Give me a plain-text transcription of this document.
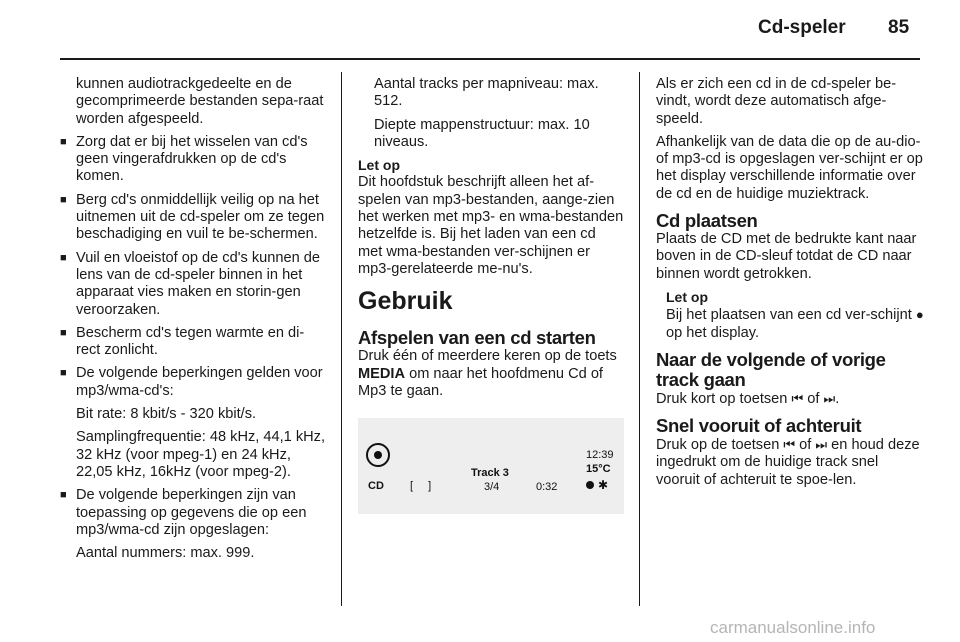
Cd-speler 85

kunnen audiotrackgedeelte en de gecomprimeerde bestanden sepa-raat worden afgespeeld.

■ Zorg dat er bij het wisselen van cd's geen vingerafdrukken op de cd's komen.

■ Berg cd's onmiddellijk veilig op na het uitnemen uit de cd-speler om ze tegen beschadiging en vuil te be-schermen.

■ Vuil en vloeistof op de cd's kunnen de lens van de cd-speler binnen in het apparaat vies maken en storin-gen veroorzaken.

■ Bescherm cd's tegen warmte en di-rect zonlicht.

■ De volgende beperkingen gelden voor mp3/wma-cd's:

Bit rate: 8 kbit/s - 320 kbit/s.

Samplingfrequentie: 48 kHz, 44,1 kHz, 32 kHz (voor mpeg-1) en 24 kHz, 22,05 kHz, 16kHz (voor mpeg-2).

■ De volgende beperkingen zijn van toepassing op gegevens die op een mp3/wma-cd zijn opgeslagen:

Aantal nummers: max. 999.

Aantal tracks per mapniveau: max. 512.

Diepte mappenstructuur: max. 10 niveaus.

Let op

Dit hoofdstuk beschrijft alleen het af-spelen van mp3-bestanden, aange-zien het werken met mp3- en wma-bestanden hetzelfde is. Bij het laden van een cd met wma-bestanden ver-schijnen er mp3-gerelateerde me-nu's.

Gebruik
Afspelen van een cd starten

Druk één of meerdere keren op de toets MEDIA om naar het hoofdmenu Cd of Mp3 te gaan.

CD [ ]
Track 3
3/4	0:32
12:39
15°C
✱

Als er zich een cd in de cd-speler be-vindt, wordt deze automatisch afge-speeld.

Afhankelijk van de data die op de au-dio- of mp3-cd is opgeslagen ver-schijnt er op het display verschillende informatie over de cd en de huidige muziektrack.

Cd plaatsen

Plaats de CD met de bedrukte kant naar boven in de CD-sleuf totdat de CD naar binnen wordt getrokken.

Let op

Bij het plaatsen van een cd ver-schijnt ● op het display.

Naar de volgende of vorige track gaan

Druk kort op toetsen ⏮ of ⏭.

Snel vooruit of achteruit

Druk op de toetsen ⏮ of ⏭ en houd deze ingedrukt om de huidige track snel vooruit of achteruit te spoe-len.

carmanualsonline.info
